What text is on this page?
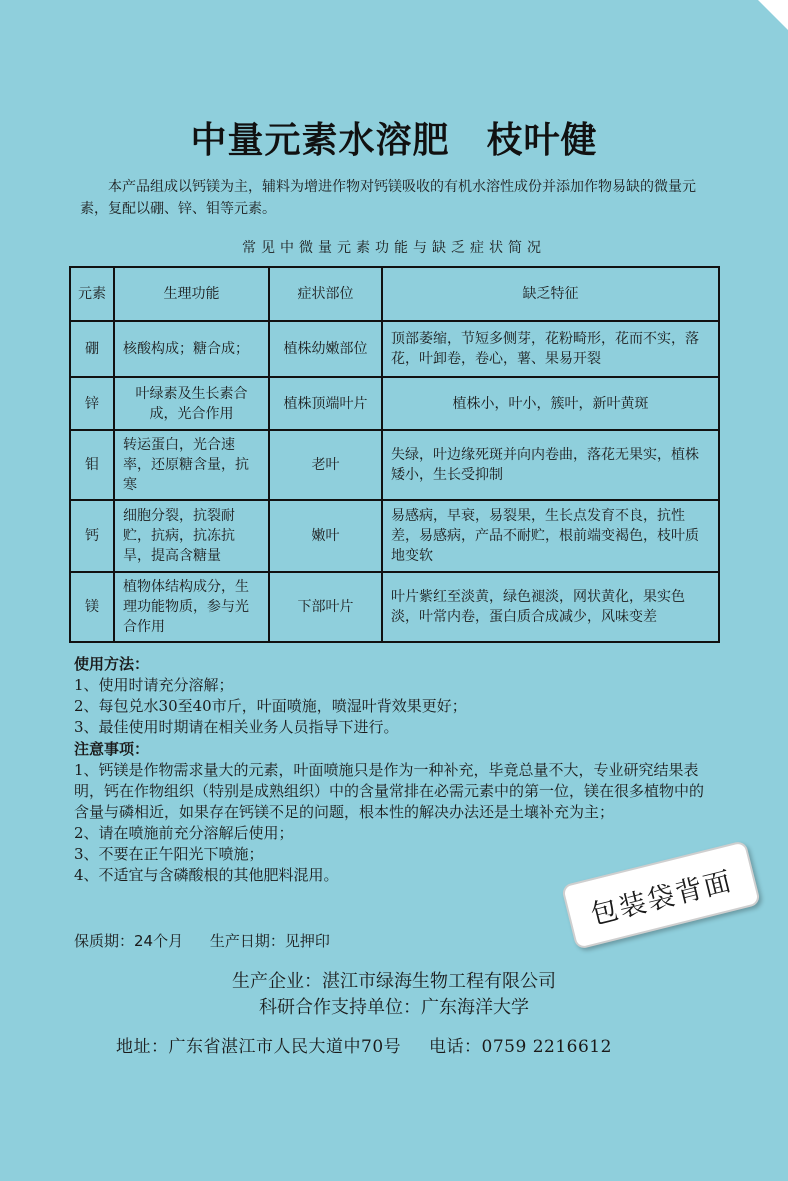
中量元素水溶肥　枝叶健
本产品组成以钙镁为主，辅料为增进作物对钙镁吸收的有机水溶性成份并添加作物易缺的微量元素，复配以硼、锌、钼等元素。
常见中微量元素功能与缺乏症状简况
元素	生理功能	症状部位	缺乏特征
硼	核酸构成；糖合成；	植株幼嫩部位	顶部萎缩，节短多侧芽，花粉畸形，花而不实，落花，叶卸卷，卷心，薯、果易开裂
锌	叶绿素及生长素合成，光合作用	植株顶端叶片	植株小，叶小，簇叶，新叶黄斑
钼	转运蛋白，光合速率，还原糖含量，抗寒	老叶	失绿，叶边缘死斑并向内卷曲，落花无果实，植株矮小，生长受抑制
钙	细胞分裂，抗裂耐贮，抗病，抗冻抗旱，提高含糖量	嫩叶	易感病，早衰，易裂果，生长点发育不良，抗性差，易感病，产品不耐贮，根前端变褐色，枝叶质地变软
镁	植物体结构成分，生理功能物质，参与光合作用	下部叶片	叶片紫红至淡黄，绿色褪淡，网状黄化，果实色淡，叶常内卷，蛋白质合成减少，风味变差
使用方法：

1、使用时请充分溶解；

2、每包兑水30至40市斤，叶面喷施，喷湿叶背效果更好；

3、最佳使用时期请在相关业务人员指导下进行。

注意事项：

1、钙镁是作物需求量大的元素，叶面喷施只是作为一种补充，毕竟总量不大，专业研究结果表明，钙在作物组织（特别是成熟组织）中的含量常排在必需元素中的第一位，镁在很多植物中的含量与磷相近，如果存在钙镁不足的问题，根本性的解决办法还是土壤补充为主；

2、请在喷施前充分溶解后使用；

3、不要在正午阳光下喷施；

4、不适宜与含磷酸根的其他肥料混用。

保质期：24个月 生产日期：见押印
包装袋背面
生产企业：湛江市绿海生物工程有限公司
科研合作支持单位：广东海洋大学
地址：广东省湛江市人民大道中70号 电话：0759 2216612
